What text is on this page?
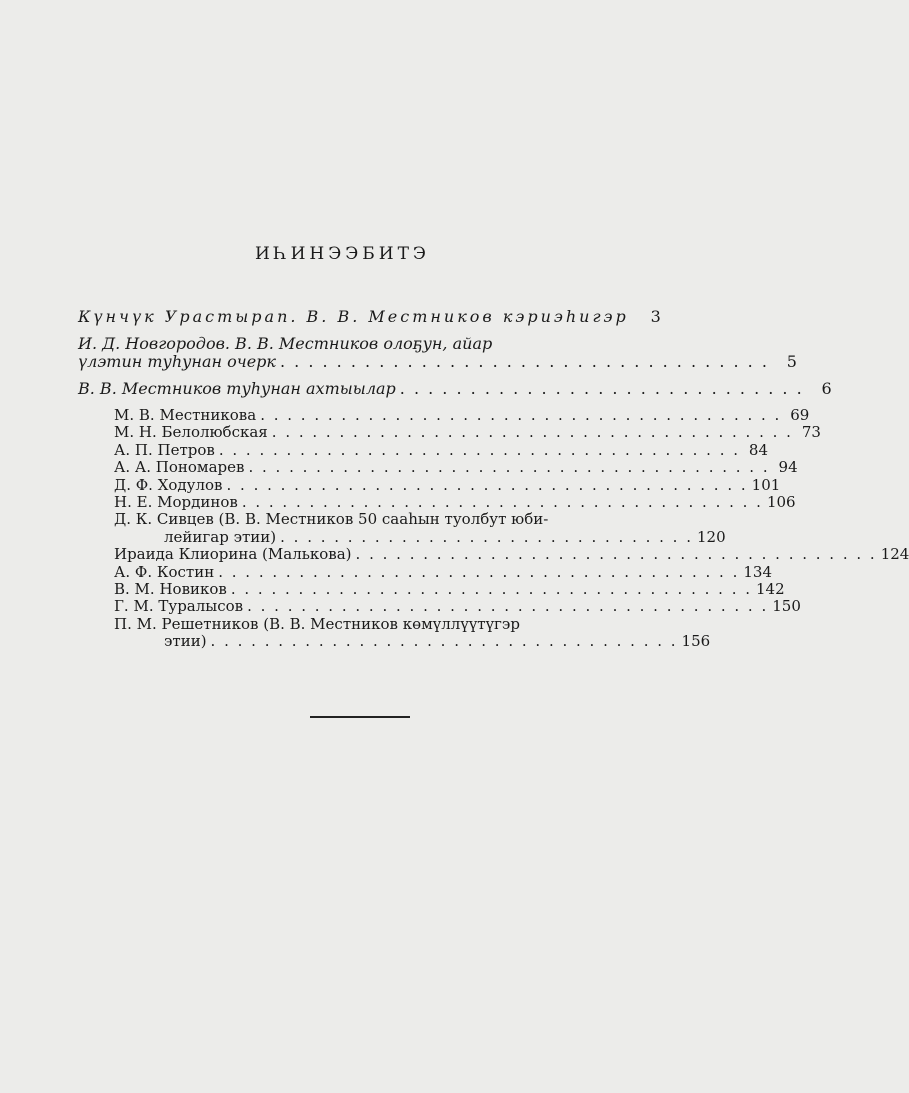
ИҺИНЭЭБИТЭ
Күнчүк Урастырап. В. В. Местников кэриэһигэр	3
И. Д. Новгородов. В. В. Местников олоҕун, айар
үлэтин туһунан очерк . . . . . . . . . . . . . . . . . . . . . . . . . . . . . . . . . . .	5
В. В. Местников туһунан ахтыылар . . . . . . . . . . . . . . . . . . . . . . . . . . . . .	6
М. В. Местникова . . . . . . . . . . . . . . . . . . . . . . . . . . . . . . . . . . . . . . . 69
М. Н. Белолюбская . . . . . . . . . . . . . . . . . . . . . . . . . . . . . . . . . . . . . . . 73
А. П. Петров . . . . . . . . . . . . . . . . . . . . . . . . . . . . . . . . . . . . . . . 84
А. А. Пономарев . . . . . . . . . . . . . . . . . . . . . . . . . . . . . . . . . . . . . . . 94
Д. Ф. Ходулов . . . . . . . . . . . . . . . . . . . . . . . . . . . . . . . . . . . . . . . 101
Н. Е. Мординов . . . . . . . . . . . . . . . . . . . . . . . . . . . . . . . . . . . . . . . 106
Д. К. Сивцев (В. В. Местников 50 сааһын туолбут юби-
лейигар этии) . . . . . . . . . . . . . . . . . . . . . . . . . . . . . . . 120
Ираида Клиорина (Малькова) . . . . . . . . . . . . . . . . . . . . . . . . . . . . . . . . . . . . . . . 124
А. Ф. Костин . . . . . . . . . . . . . . . . . . . . . . . . . . . . . . . . . . . . . . . 134
В. М. Новиков . . . . . . . . . . . . . . . . . . . . . . . . . . . . . . . . . . . . . . . 142
Г. М. Туралысов . . . . . . . . . . . . . . . . . . . . . . . . . . . . . . . . . . . . . . . 150
П. М. Решетников (В. В. Местников көмүллүүтүгэр
этии) . . . . . . . . . . . . . . . . . . . . . . . . . . . . . . . . . . . 156
